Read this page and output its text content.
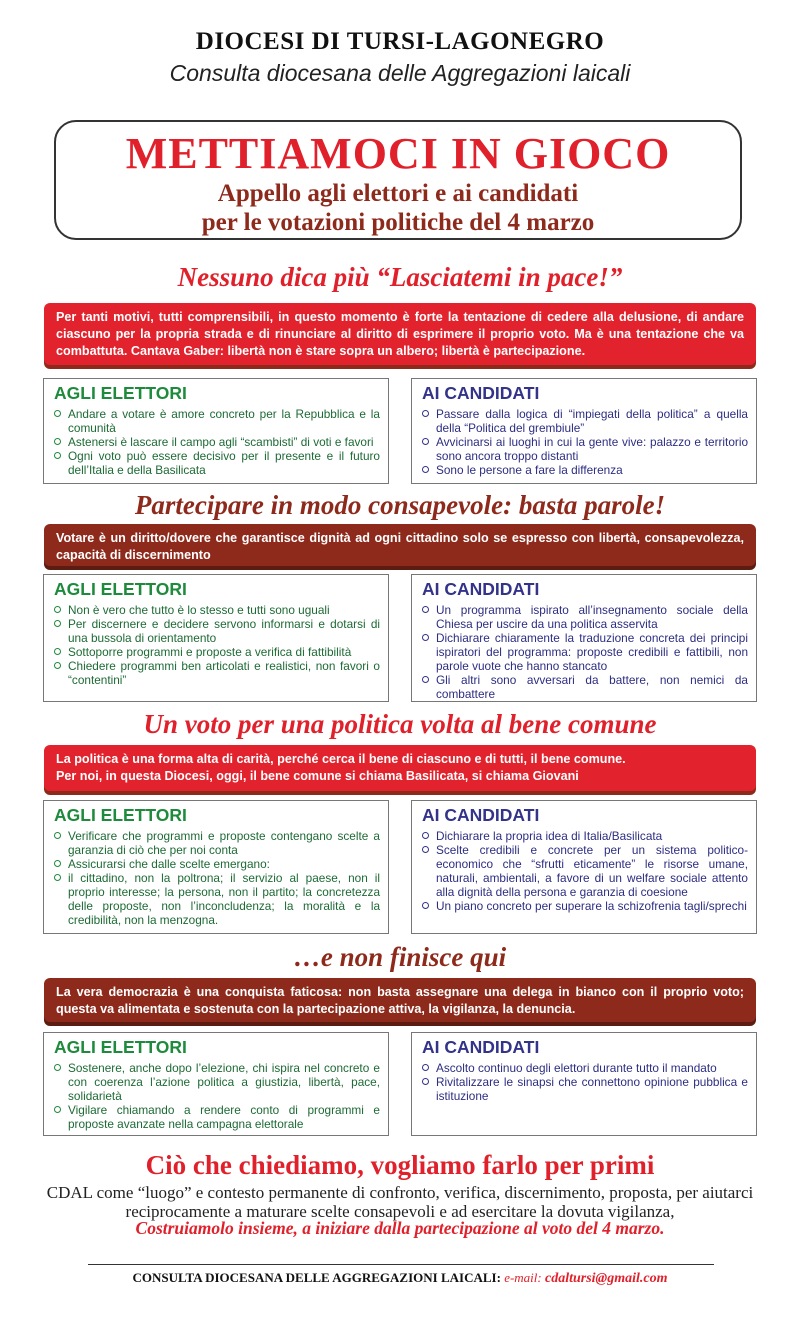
DIOCESI DI TURSI-LAGONEGRO
Consulta diocesana delle Aggregazioni laicali
METTIAMOCI IN GIOCO
Appello agli elettori e ai candidati
per le votazioni politiche del 4 marzo
Nessuno dica più “Lasciatemi in pace!”
Per tanti motivi, tutti comprensibili, in questo momento è forte la tentazione di cedere alla delusione, di andare ciascuno per la propria strada e di rinunciare al diritto di esprimere il proprio voto. Ma è una tentazione che va combattuta. Cantava Gaber: libertà non è stare sopra un albero; libertà è partecipazione.
AGLI ELETTORI
Andare a votare è amore concreto per la Repubblica e la comunità
Astenersi è lascare il campo agli “scambisti” di voti e favori
Ogni voto può essere decisivo per il presente e il futuro dell’Italia e della Basilicata
AI CANDIDATI
Passare dalla logica di “impiegati della politica” a quella della “Politica del grembiule”
Avvicinarsi ai luoghi in cui la gente vive: palazzo e territorio sono ancora troppo distanti
Sono le persone a fare la differenza
Partecipare in modo consapevole: basta parole!
Votare è un diritto/dovere che garantisce dignità ad ogni cittadino solo se espresso con libertà, consapevolezza, capacità di discernimento
AGLI ELETTORI
Non è vero che tutto è lo stesso e tutti sono uguali
Per discernere e decidere servono informarsi e dotarsi di una bussola di orientamento
Sottoporre programmi e proposte a verifica di fattibilità
Chiedere programmi ben articolati e realistici, non favori o “contentini”
AI CANDIDATI
Un programma ispirato all’insegnamento sociale della Chiesa per uscire da una politica asservita
Dichiarare chiaramente la traduzione concreta dei principi ispiratori del programma: proposte credibili e fattibili, non parole vuote che hanno stancato
Gli altri sono avversari da battere, non nemici da combattere
Un voto per una politica volta al bene comune
La politica è una forma alta di carità, perché cerca il bene di ciascuno e di tutti, il bene comune.
Per noi, in questa Diocesi, oggi, il bene comune si chiama Basilicata, si chiama Giovani
AGLI ELETTORI
Verificare che programmi e proposte contengano scelte a garanzia di ciò che per noi conta
Assicurarsi che dalle scelte emergano:
il cittadino, non la poltrona; il servizio al paese, non il proprio interesse; la persona, non il partito; la concretezza delle proposte, non l’inconcludenza; la moralità e la credibilità, non la menzogna.
AI CANDIDATI
Dichiarare la propria idea di Italia/Basilicata
Scelte credibili e concrete per un sistema politico-economico che “sfrutti eticamente” le risorse umane, naturali, ambientali, a favore di un welfare sociale attento alla dignità della persona e garanzia di coesione
Un piano concreto per superare la schizofrenia tagli/sprechi
…e non finisce qui
La vera democrazia è una conquista faticosa: non basta assegnare una delega in bianco con il proprio voto; questa va alimentata e sostenuta con la partecipazione attiva, la vigilanza, la denuncia.
AGLI ELETTORI
Sostenere, anche dopo l’elezione, chi ispira nel concreto e con coerenza l’azione politica a giustizia, libertà, pace, solidarietà
Vigilare chiamando a rendere conto di programmi e proposte avanzate nella campagna elettorale
AI CANDIDATI
Ascolto continuo degli elettori durante tutto il mandato
Rivitalizzare le sinapsi che connettono opinione pubblica e istituzione
Ciò che chiediamo, vogliamo farlo per primi
CDAL come “luogo” e contesto permanente di confronto, verifica, discernimento, proposta, per aiutarci reciprocamente a maturare scelte consapevoli e ad esercitare la dovuta vigilanza,
Costruiamolo insieme, a iniziare dalla partecipazione al voto del 4 marzo.
CONSULTA DIOCESANA DELLE AGGREGAZIONI LAICALI: e-mail: cdaltursi@gmail.com
